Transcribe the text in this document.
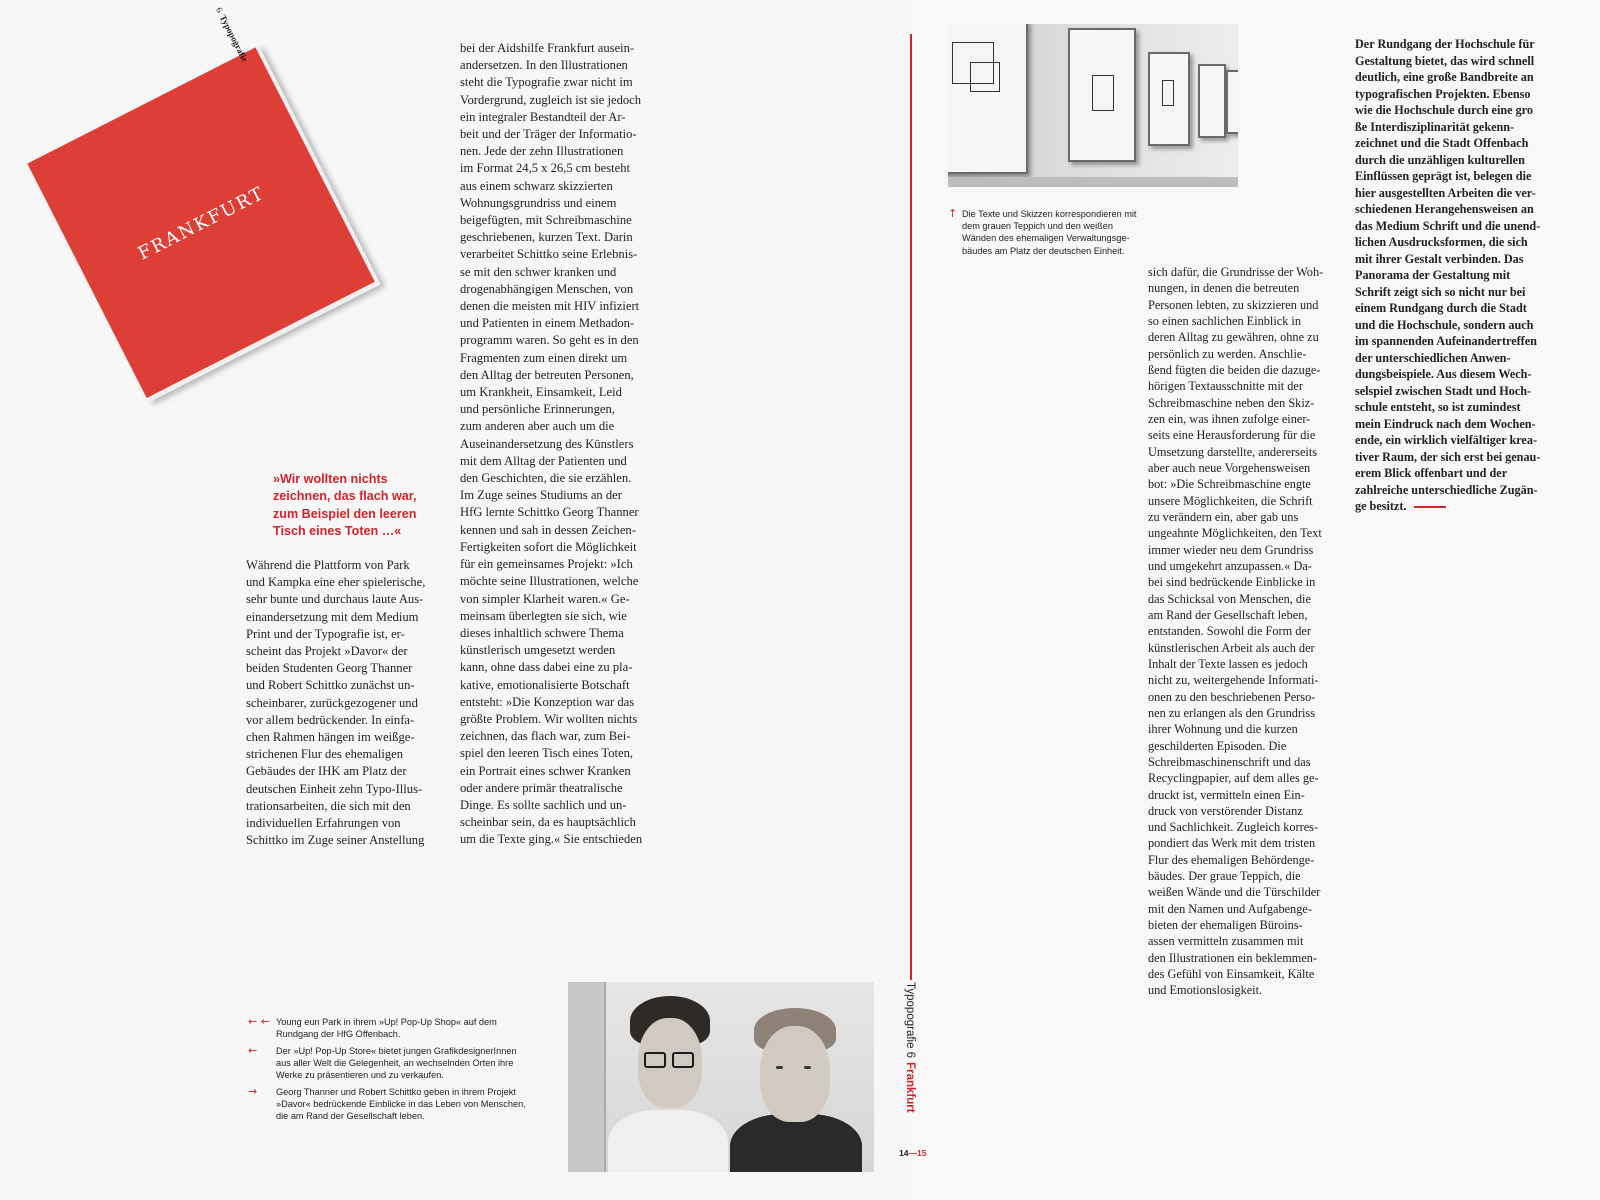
6Typopografie
FRANKFURT

»Wir wollten nichts
zeichnen, das flach war,
zum Beispiel den leeren
Tisch eines Toten …«

Während die Plattform von Park
und Kampka eine eher spielerische,
sehr bunte und durchaus laute Aus-
einandersetzung mit dem Medium
Print und der Typografie ist, er-
scheint das Projekt »Davor« der
beiden Studenten Georg Thanner
und Robert Schittko zunächst un-
scheinbarer, zurückgezogener und
vor allem bedrückender. In einfa-
chen Rahmen hängen im weißge-
strichenen Flur des ehemaligen
Gebäudes der IHK am Platz der
deutschen Einheit zehn Typo-Illus-
trationsarbeiten, die sich mit den
individuellen Erfahrungen von
Schittko im Zuge seiner Anstellung

bei der Aidshilfe Frankfurt ausein-
andersetzen. In den Illustrationen
steht die Typografie zwar nicht im
Vordergrund, zugleich ist sie jedoch
ein integraler Bestandteil der Ar-
beit und der Träger der Informatio-
nen. Jede der zehn Illustrationen
im Format 24,5 x 26,5 cm besteht
aus einem schwarz skizzierten
Wohnungsgrundriss und einem
beigefügten, mit Schreibmaschine
geschriebenen, kurzen Text. Darin
verarbeitet Schittko seine Erlebnis-
se mit den schwer kranken und
drogenabhängigen Menschen, von
denen die meisten mit HIV infiziert
und Patienten in einem Methadon-
programm waren. So geht es in den
Fragmenten zum einen direkt um
den Alltag der betreuten Personen,
um Krankheit, Einsamkeit, Leid
und persönliche Erinnerungen,
zum anderen aber auch um die
Auseinandersetzung des Künstlers
mit dem Alltag der Patienten und
den Geschichten, die sie erzählen.
Im Zuge seines Studiums an der
HfG lernte Schittko Georg Thanner
kennen und sah in dessen Zeichen-
Fertigkeiten sofort die Möglichkeit
für ein gemeinsames Projekt: »Ich
möchte seine Illustrationen, welche
von simpler Klarheit waren.« Ge-
meinsam überlegten sie sich, wie
dieses inhaltlich schwere Thema
künstlerisch umgesetzt werden
kann, ohne dass dabei eine zu pla-
kative, emotionalisierte Botschaft
entsteht: »Die Konzeption war das
größte Problem. Wir wollten nichts
zeichnen, das flach war, zum Bei-
spiel den leeren Tisch eines Toten,
ein Portrait eines schwer Kranken
oder andere primär theatralische
Dinge. Es sollte sachlich und un-
scheinbar sein, da es hauptsächlich
um die Texte ging.« Sie entschieden

↑ Die Texte und Skizzen korrespondieren mit
dem grauen Teppich und den weißen
Wänden des ehemaligen Verwaltungsge-
bäudes am Platz der deutschen Einheit.

sich dafür, die Grundrisse der Woh-
nungen, in denen die betreuten
Personen lebten, zu skizzieren und
so einen sachlichen Einblick in
deren Alltag zu gewähren, ohne zu
persönlich zu werden. Anschlie-
ßend fügten die beiden die dazuge-
hörigen Textausschnitte mit der
Schreibmaschine neben den Skiz-
zen ein, was ihnen zufolge einer-
seits eine Herausforderung für die
Umsetzung darstellte, andererseits
aber auch neue Vorgehensweisen
bot: »Die Schreibmaschine engte
unsere Möglichkeiten, die Schrift
zu verändern ein, aber gab uns
ungeahnte Möglichkeiten, den Text
immer wieder neu dem Grundriss
und umgekehrt anzupassen.« Da-
bei sind bedrückende Einblicke in
das Schicksal von Menschen, die
am Rand der Gesellschaft leben,
entstanden. Sowohl die Form der
künstlerischen Arbeit als auch der
Inhalt der Texte lassen es jedoch
nicht zu, weitergehende Informati-
onen zu den beschriebenen Perso-
nen zu erlangen als den Grundriss
ihrer Wohnung und die kurzen
geschilderten Episoden. Die
Schreibmaschinenschrift und das
Recyclingpapier, auf dem alles ge-
druckt ist, vermitteln einen Ein-
druck von verstörender Distanz
und Sachlichkeit. Zugleich korres-
pondiert das Werk mit dem tristen
Flur des ehemaligen Behördenge-
bäudes. Der graue Teppich, die
weißen Wände und die Türschilder
mit den Namen und Aufgabenge-
bieten der ehemaligen Büroins-
assen vermitteln zusammen mit
den Illustrationen ein beklemmen-
des Gefühl von Einsamkeit, Kälte
und Emotionslosigkeit.

Der Rundgang der Hochschule für
Gestaltung bietet, das wird schnell
deutlich, eine große Bandbreite an
typografischen Projekten. Ebenso
wie die Hochschule durch eine gro
ße Interdisziplinarität gekenn-
zeichnet und die Stadt Offenbach
durch die unzähligen kulturellen
Einflüssen geprägt ist, belegen die
hier ausgestellten Arbeiten die ver-
schiedenen Herangehensweisen an
das Medium Schrift und die unend-
lichen Ausdrucksformen, die sich
mit ihrer Gestalt verbinden. Das
Panorama der Gestaltung mit
Schrift zeigt sich so nicht nur bei
einem Rundgang durch die Stadt
und die Hochschule, sondern auch
im spannenden Aufeinandertreffen
der unterschiedlichen Anwen-
dungsbeispiele. Aus diesem Wech-
selspiel zwischen Stadt und Hoch-
schule entsteht, so ist zumindest
mein Eindruck nach dem Wochen-
ende, ein wirklich vielfältiger krea-
tiver Raum, der sich erst bei genau-
erem Blick offenbart und der
zahlreiche unterschiedliche Zugän-
ge besitzt.

← ← Young eun Park in ihrem »Up! Pop-Up Shop« auf dem
Rundgang der HfG Offenbach.
← Der »Up! Pop-Up Store« bietet jungen GrafikdesignerInnen
aus aller Welt die Gelegenheit, an wechselnden Orten ihre
Werke zu präsentieren und zu verkaufen.
→ Georg Thanner und Robert Schittko geben in ihrem Projekt
»Davor« bedrückende Einblicke in das Leben von Menschen,
die am Rand der Gesellschaft leben.
Typopografie 6Frankfurt
14—15
